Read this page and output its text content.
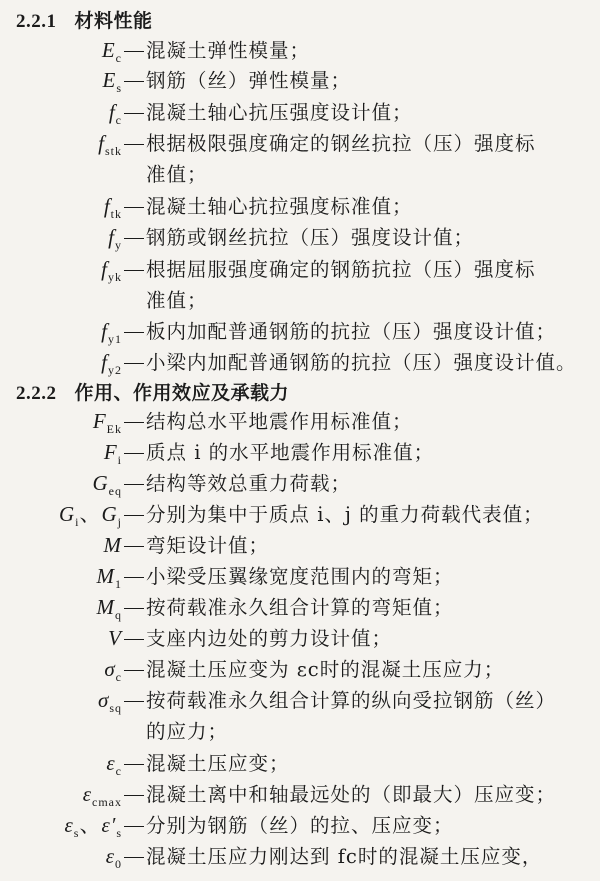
2.2.1 材料性能
$E_c$ 混凝土弹性模量；
$E_s$ 钢筋（丝）弹性模量；
$f_c$ 混凝土轴心抗压强度设计值；
$f_{stk}$ 根据极限强度确定的钢丝抗拉（压）强度标
准值；
$f_{tk}$ 混凝土轴心抗拉强度标准值；
$f_y$ 钢筋或钢丝抗拉（压）强度设计值；
$f_{yk}$ 根据屈服强度确定的钢筋抗拉（压）强度标
准值；
$f_{y1}$ 板内加配普通钢筋的抗拉（压）强度设计值；
$f_{y2}$ 小梁内加配普通钢筋的抗拉（压）强度设计值。
2.2.2 作用、作用效应及承载力
$F_{Ek}$ 结构总水平地震作用标准值；
$F_i$ 质点 i 的水平地震作用标准值；
$G_{eq}$ 结构等效总重力荷载；
$G_i$、$G_j$ 分别为集中于质点 i、j 的重力荷载代表值；
M 弯矩设计值；
$M_1$ 小梁受压翼缘宽度范围内的弯矩；
$M_q$ 按荷载准永久组合计算的弯矩值；
V 支座内边处的剪力设计值；
$\sigma_c$ 混凝土压应变为 εc时的混凝土压应力；
$\sigma_{sq}$ 按荷载准永久组合计算的纵向受拉钢筋（丝）
的应力；
$\varepsilon_c$ 混凝土压应变；
$\varepsilon_{cmax}$ 混凝土离中和轴最远处的（即最大）压应变；
$\varepsilon_s$、$\varepsilon'_s$ 分别为钢筋（丝）的拉、压应变；
$\varepsilon_0$ 混凝土压应力刚达到 fc时的混凝土压应变，
